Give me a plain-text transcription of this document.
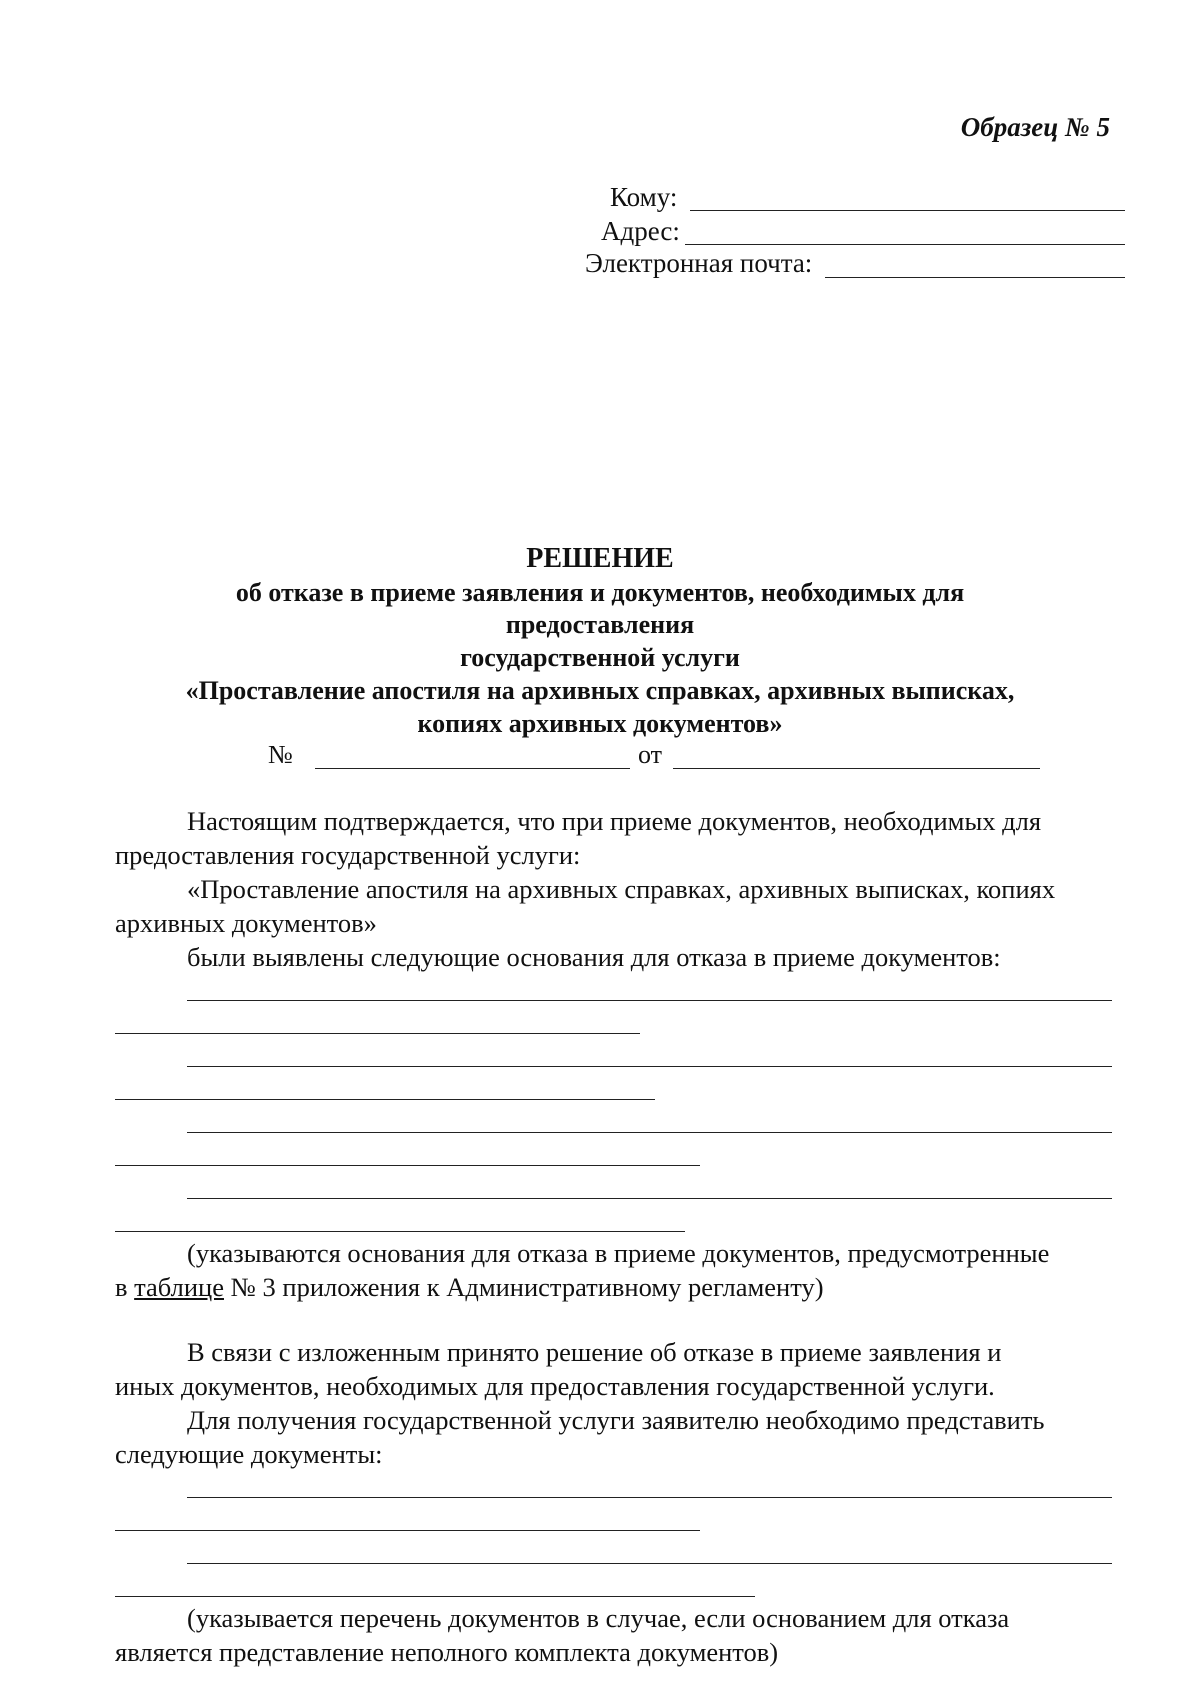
Образец № 5
Кому:
Адрес:
Электронная почта:
РЕШЕНИЕ
об отказе в приеме заявления и документов, необходимых для
предоставления
государственной услуги
«Проставление апостиля на архивных справках, архивных выписках,
копиях архивных документов»
№	от
Настоящим подтверждается, что при приеме документов, необходимых для
предоставления государственной услуги:
«Проставление апостиля на архивных справках, архивных выписках, копиях
архивных документов»
были выявлены следующие основания для отказа в приеме документов:
(указываются основания для отказа в приеме документов, предусмотренные
в таблице № 3 приложения к Административному регламенту)
В связи с изложенным принято решение об отказе в приеме заявления и
иных документов, необходимых для предоставления государственной услуги.
Для получения государственной услуги заявителю необходимо представить
следующие документы:
(указывается перечень документов в случае, если основанием для отказа
является представление неполного комплекта документов)
